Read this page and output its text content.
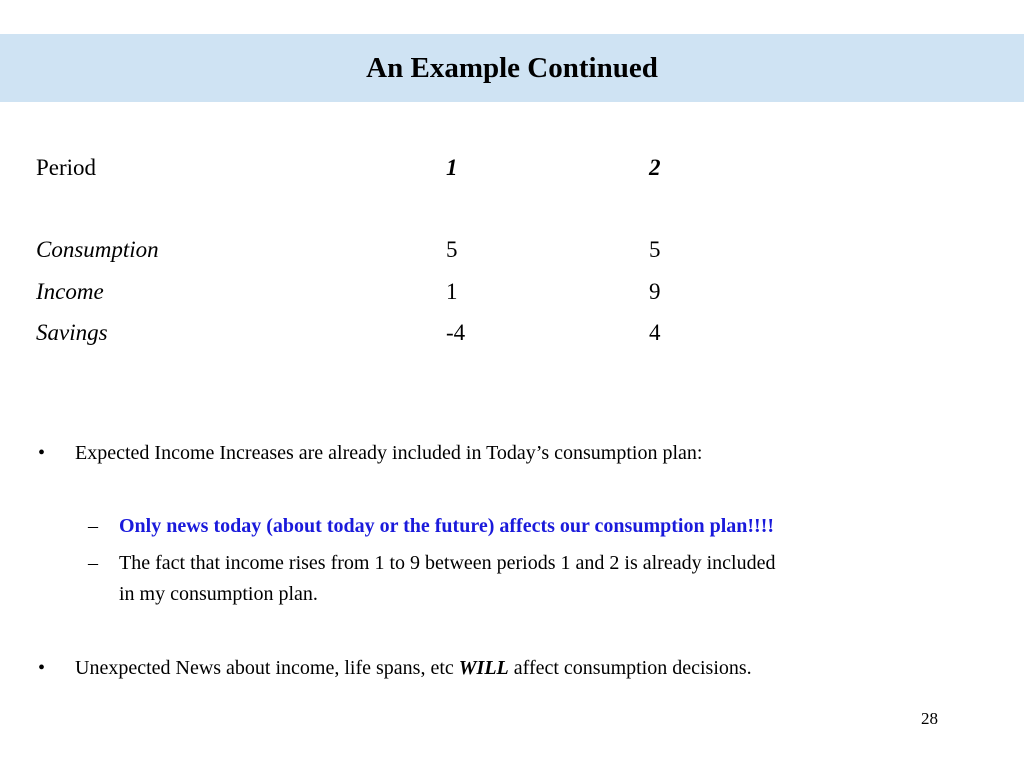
An Example Continued
Period	1	2
Consumption	5	5
Income	1	9
Savings	-4	4
• Expected Income Increases are already included in Today’s consumption plan:
– Only news today (about today or the future) affects our consumption plan!!!!
– The fact that income rises from 1 to 9 between periods 1 and 2 is already included
in my consumption plan.
• Unexpected News about income, life spans, etc WILL affect consumption decisions.
28
